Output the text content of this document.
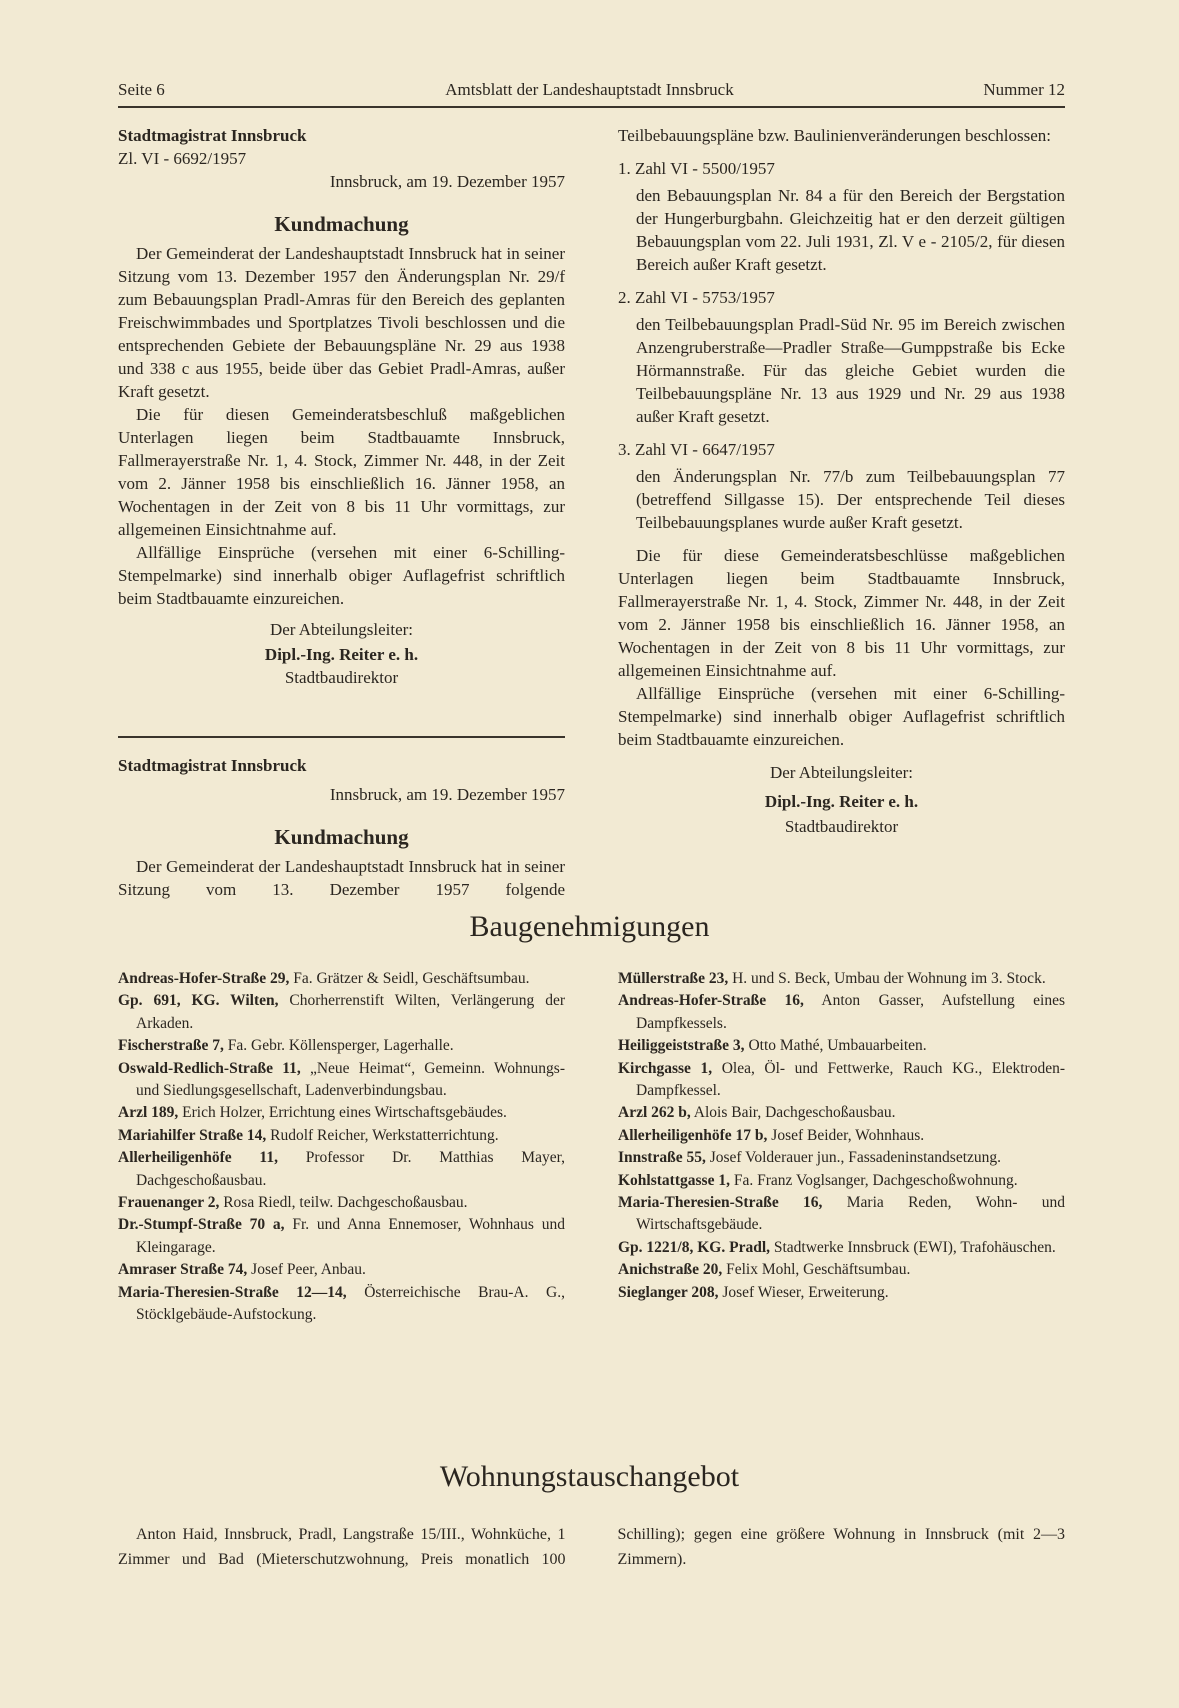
Seite 6	Amtsblatt der Landeshauptstadt Innsbruck	Nummer 12
Stadtmagistrat Innsbruck
Zl. VI - 6692/1957
Innsbruck, am 19. Dezember 1957
Kundmachung

Der Gemeinderat der Landeshauptstadt Innsbruck hat in seiner Sitzung vom 13. Dezember 1957 den Änderungsplan Nr. 29/f zum Bebauungsplan Pradl-Amras für den Bereich des geplanten Freischwimmbades und Sportplatzes Tivoli beschlossen und die entsprechenden Gebiete der Bebauungspläne Nr. 29 aus 1938 und 338 c aus 1955, beide über das Gebiet Pradl-Amras, außer Kraft gesetzt.

Die für diesen Gemeinderatsbeschluß maßgeblichen Unterlagen liegen beim Stadtbauamte Innsbruck, Fallmerayerstraße Nr. 1, 4. Stock, Zimmer Nr. 448, in der Zeit vom 2. Jänner 1958 bis einschließlich 16. Jänner 1958, an Wochentagen in der Zeit von 8 bis 11 Uhr vormittags, zur allgemeinen Einsichtnahme auf.

Allfällige Einsprüche (versehen mit einer 6-Schilling-Stempelmarke) sind innerhalb obiger Auflagefrist schriftlich beim Stadtbauamte einzureichen.

Der Abteilungsleiter:
Dipl.-Ing. Reiter e. h.
Stadtbaudirektor
Stadtmagistrat Innsbruck
Innsbruck, am 19. Dezember 1957
Kundmachung

Der Gemeinderat der Landeshauptstadt Innsbruck hat in seiner Sitzung vom 13. Dezember 1957 folgende

Teilbebauungspläne bzw. Baulinienveränderungen beschlossen:
1. Zahl VI - 5500/1957
den Bebauungsplan Nr. 84 a für den Bereich der Bergstation der Hungerburgbahn. Gleichzeitig hat er den derzeit gültigen Bebauungsplan vom 22. Juli 1931, Zl. V e - 2105/2, für diesen Bereich außer Kraft gesetzt.
2. Zahl VI - 5753/1957
den Teilbebauungsplan Pradl-Süd Nr. 95 im Bereich zwischen Anzengruberstraße—Pradler Straße—Gumppstraße bis Ecke Hörmannstraße. Für das gleiche Gebiet wurden die Teilbebauungspläne Nr. 13 aus 1929 und Nr. 29 aus 1938 außer Kraft gesetzt.
3. Zahl VI - 6647/1957
den Änderungsplan Nr. 77/b zum Teilbebauungsplan 77 (betreffend Sillgasse 15). Der entsprechende Teil dieses Teilbebauungsplanes wurde außer Kraft gesetzt.

Die für diese Gemeinderatsbeschlüsse maßgeblichen Unterlagen liegen beim Stadtbauamte Innsbruck, Fallmerayerstraße Nr. 1, 4. Stock, Zimmer Nr. 448, in der Zeit vom 2. Jänner 1958 bis einschließlich 16. Jänner 1958, an Wochentagen in der Zeit von 8 bis 11 Uhr vormittags, zur allgemeinen Einsichtnahme auf.

Allfällige Einsprüche (versehen mit einer 6-Schilling-Stempelmarke) sind innerhalb obiger Auflagefrist schriftlich beim Stadtbauamte einzureichen.

Der Abteilungsleiter:
Dipl.-Ing. Reiter e. h.
Stadtbaudirektor
Baugenehmigungen
Andreas-Hofer-Straße 29, Fa. Grätzer & Seidl, Geschäftsumbau.
Gp. 691, KG. Wilten, Chorherrenstift Wilten, Verlängerung der Arkaden.
Fischerstraße 7, Fa. Gebr. Köllensperger, Lagerhalle.
Oswald-Redlich-Straße 11, „Neue Heimat“, Gemeinn. Wohnungs- und Siedlungsgesellschaft, Ladenverbindungsbau.
Arzl 189, Erich Holzer, Errichtung eines Wirtschaftsgebäudes.
Mariahilfer Straße 14, Rudolf Reicher, Werkstatterrichtung.
Allerheiligenhöfe 11, Professor Dr. Matthias Mayer, Dachgeschoßausbau.
Frauenanger 2, Rosa Riedl, teilw. Dachgeschoßausbau.
Dr.-Stumpf-Straße 70 a, Fr. und Anna Ennemoser, Wohnhaus und Kleingarage.
Amraser Straße 74, Josef Peer, Anbau.
Maria-Theresien-Straße 12—14, Österreichische Brau-A. G., Stöcklgebäude-Aufstockung.
Müllerstraße 23, H. und S. Beck, Umbau der Wohnung im 3. Stock.
Andreas-Hofer-Straße 16, Anton Gasser, Aufstellung eines Dampfkessels.
Heiliggeiststraße 3, Otto Mathé, Umbauarbeiten.
Kirchgasse 1, Olea, Öl- und Fettwerke, Rauch KG., Elektroden-Dampfkessel.
Arzl 262 b, Alois Bair, Dachgeschoßausbau.
Allerheiligenhöfe 17 b, Josef Beider, Wohnhaus.
Innstraße 55, Josef Volderauer jun., Fassadeninstandsetzung.
Kohlstattgasse 1, Fa. Franz Voglsanger, Dachgeschoßwohnung.
Maria-Theresien-Straße 16, Maria Reden, Wohn- und Wirtschaftsgebäude.
Gp. 1221/8, KG. Pradl, Stadtwerke Innsbruck (EWI), Trafohäuschen.
Anichstraße 20, Felix Mohl, Geschäftsumbau.
Sieglanger 208, Josef Wieser, Erweiterung.
Wohnungstauschangebot
Anton Haid, Innsbruck, Pradl, Langstraße 15/III., Wohnküche, 1 Zimmer und Bad (Mieterschutzwohnung, Preis monatlich 100 Schilling); gegen eine größere Wohnung in Innsbruck (mit 2—3 Zimmern).
